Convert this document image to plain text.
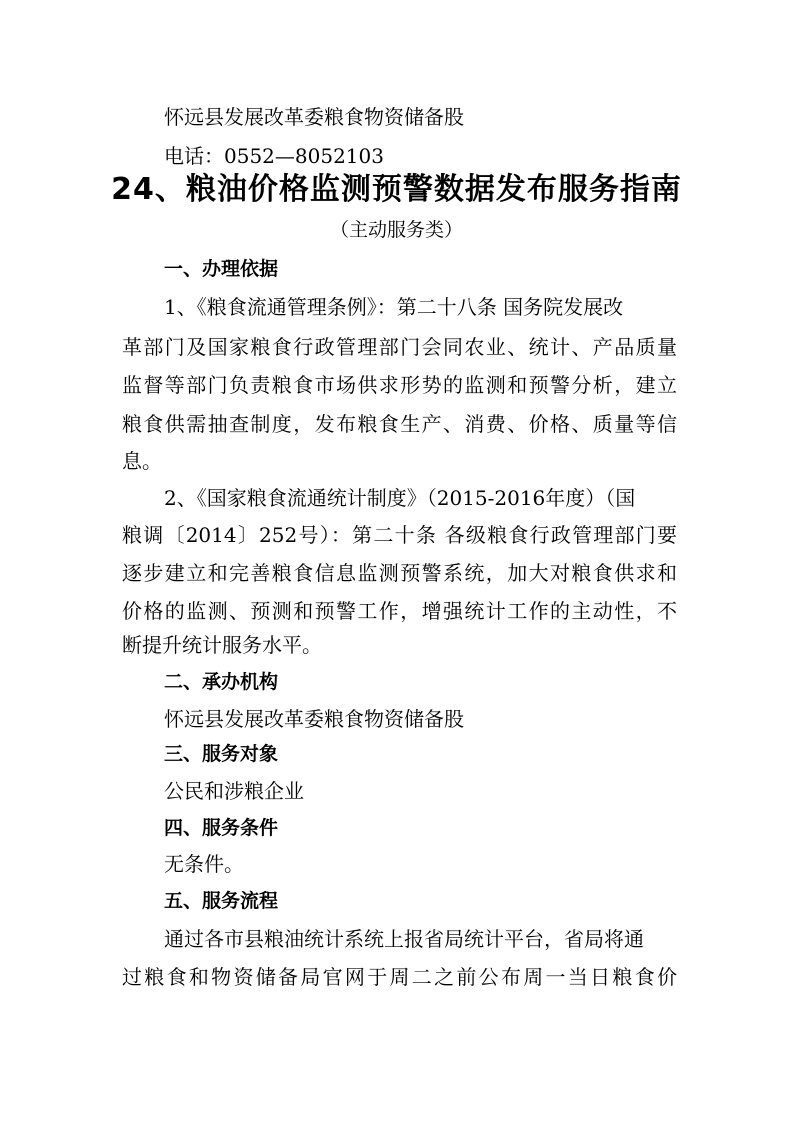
怀远县发展改革委粮食物资储备股
电话：0552—8052103
24、粮油价格监测预警数据发布服务指南
（主动服务类）
一、办理依据
1、《粮食流通管理条例》：第二十八条 国务院发展改
革部门及国家粮食行政管理部门会同农业、统计、产品质量
监督等部门负责粮食市场供求形势的监测和预警分析，建立
粮食供需抽查制度，发布粮食生产、消费、价格、质量等信
息。
2、《国家粮食流通统计制度》（2015-2016年度）（国
粮调〔2014〕252号）：第二十条 各级粮食行政管理部门要
逐步建立和完善粮食信息监测预警系统，加大对粮食供求和
价格的监测、预测和预警工作，增强统计工作的主动性，不
断提升统计服务水平。
二、承办机构
怀远县发展改革委粮食物资储备股
三、服务对象
公民和涉粮企业
四、服务条件
无条件。
五、服务流程
通过各市县粮油统计系统上报省局统计平台，省局将通
过粮食和物资储备局官网于周二之前公布周一当日粮食价
